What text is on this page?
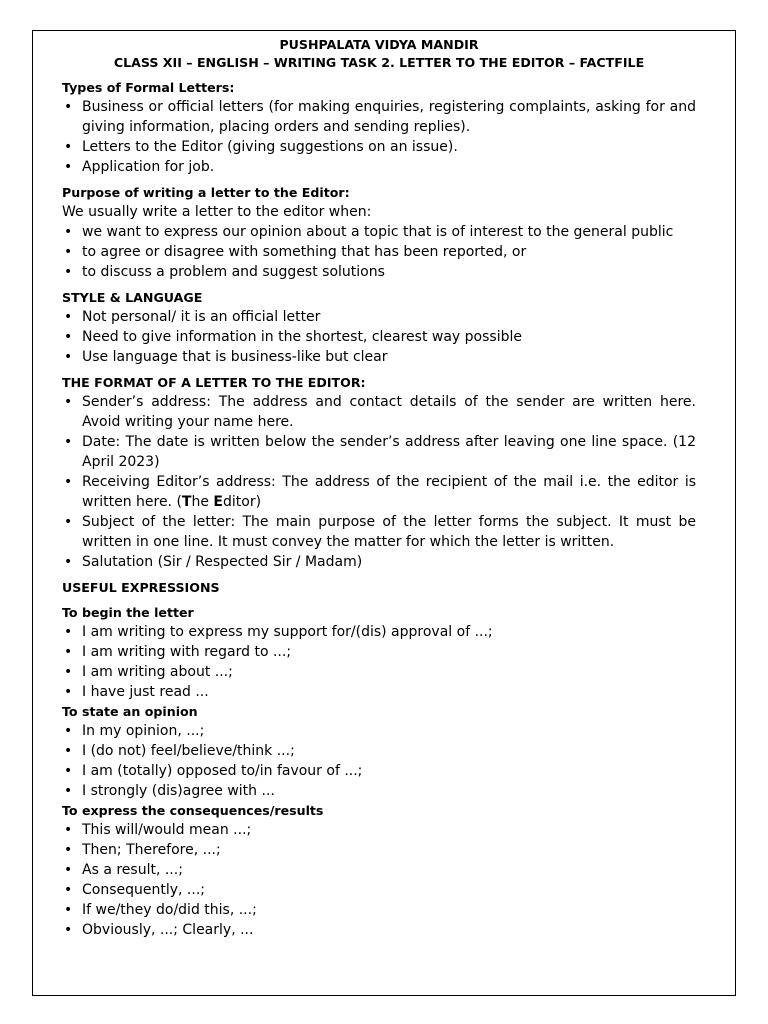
PUSHPALATA VIDYA MANDIR

CLASS XII – ENGLISH – WRITING TASK 2. LETTER TO THE EDITOR – FACTFILE

Types of Formal Letters:

• Business or official letters (for making enquiries, registering complaints, asking for and giving information, placing orders and sending replies).
• Letters to the Editor (giving suggestions on an issue).
• Application for job.

Purpose of writing a letter to the Editor:

We usually write a letter to the editor when:

• we want to express our opinion about a topic that is of interest to the general public
• to agree or disagree with something that has been reported, or
• to discuss a problem and suggest solutions

STYLE & LANGUAGE

• Not personal/ it is an official letter
• Need to give information in the shortest, clearest way possible
• Use language that is business-like but clear

THE FORMAT OF A LETTER TO THE EDITOR:

• Sender’s address: The address and contact details of the sender are written here. Avoid writing your name here.
• Date: The date is written below the sender’s address after leaving one line space. (12 April 2023)
• Receiving Editor’s address: The address of the recipient of the mail i.e. the editor is written here. (The Editor)
• Subject of the letter: The main purpose of the letter forms the subject. It must be written in one line. It must convey the matter for which the letter is written.
• Salutation (Sir / Respected Sir / Madam)

USEFUL EXPRESSIONS

To begin the letter

• I am writing to express my support for/(dis) approval of ...;
• I am writing with regard to ...;
• I am writing about ...;
• I have just read ...

To state an opinion

• In my opinion, ...;
• I (do not) feel/believe/think ...;
• I am (totally) opposed to/in favour of ...;
• I strongly (dis)agree with ...

To express the consequences/results

• This will/would mean ...;
• Then; Therefore, ...;
• As a result, ...;
• Consequently, ...;
• If we/they do/did this, ...;
• Obviously, ...; Clearly, ...
